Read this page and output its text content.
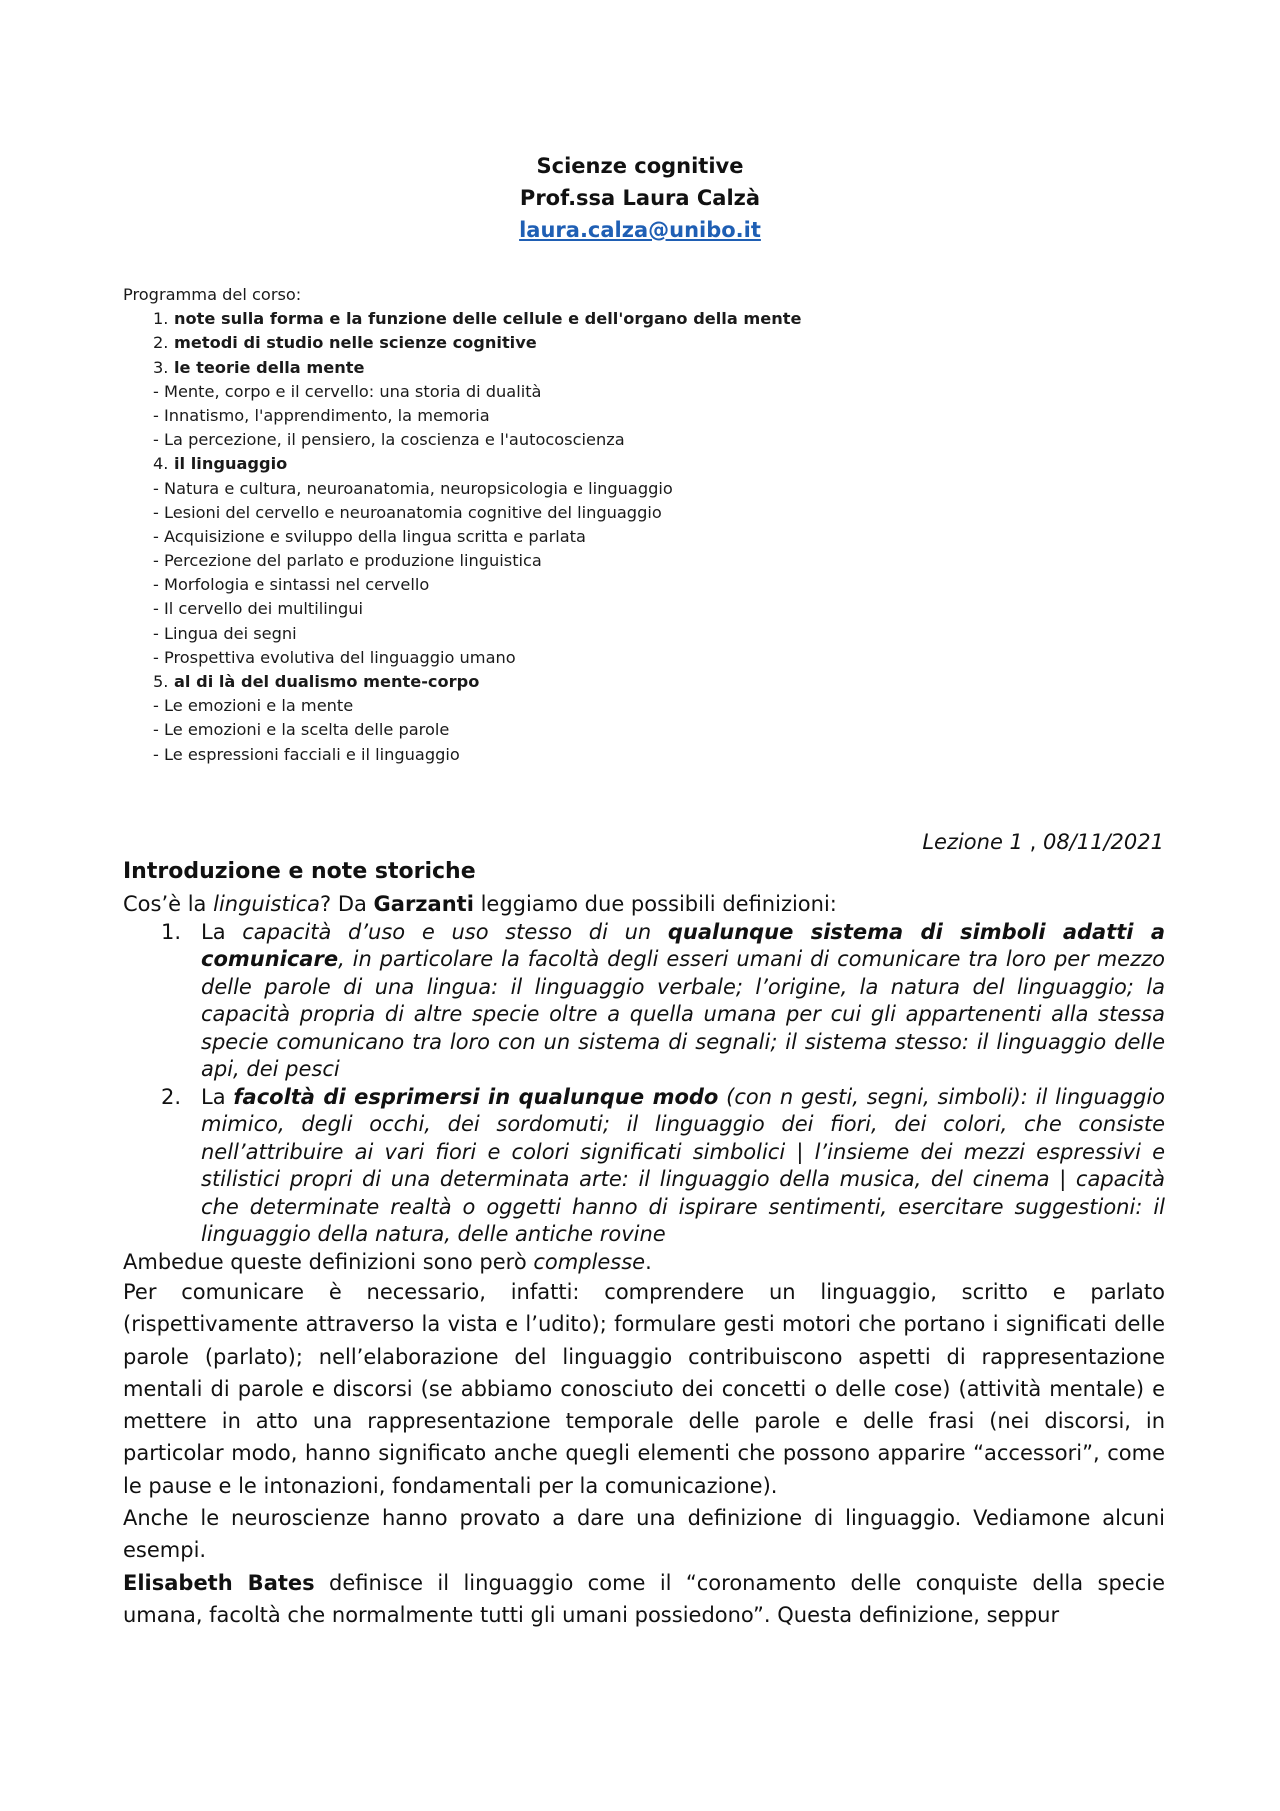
Scienze cognitive
Prof.ssa Laura Calzà
laura.calza@unibo.it
Programma del corso:
1. note sulla forma e la funzione delle cellule e dell'organo della mente
2. metodi di studio nelle scienze cognitive
3. le teorie della mente
- Mente, corpo e il cervello: una storia di dualità
- Innatismo, l'apprendimento, la memoria
- La percezione, il pensiero, la coscienza e l'autocoscienza
4. il linguaggio
- Natura e cultura, neuroanatomia, neuropsicologia e linguaggio
- Lesioni del cervello e neuroanatomia cognitive del linguaggio
- Acquisizione e sviluppo della lingua scritta e parlata
- Percezione del parlato e produzione linguistica
- Morfologia e sintassi nel cervello
- Il cervello dei multilingui
- Lingua dei segni
- Prospettiva evolutiva del linguaggio umano
5. al di là del dualismo mente-corpo
- Le emozioni e la mente
- Le emozioni e la scelta delle parole
- Le espressioni facciali e il linguaggio
Lezione 1 , 08/11/2021
Introduzione e note storiche
Cos’è la linguistica? Da Garzanti leggiamo due possibili definizioni:
1. La capacità d’uso e uso stesso di un qualunque sistema di simboli adatti a comunicare, in particolare la facoltà degli esseri umani di comunicare tra loro per mezzo delle parole di una lingua: il linguaggio verbale; l’origine, la natura del linguaggio; la capacità propria di altre specie oltre a quella umana per cui gli appartenenti alla stessa specie comunicano tra loro con un sistema di segnali; il sistema stesso: il linguaggio delle api, dei pesci
2. La facoltà di esprimersi in qualunque modo (con n gesti, segni, simboli): il linguaggio mimico, degli occhi, dei sordomuti; il linguaggio dei fiori, dei colori, che consiste nell’attribuire ai vari fiori e colori significati simbolici | l’insieme dei mezzi espressivi e stilistici propri di una determinata arte: il linguaggio della musica, del cinema | capacità che determinate realtà o oggetti hanno di ispirare sentimenti, esercitare suggestioni: il linguaggio della natura, delle antiche rovine
Ambedue queste definizioni sono però complesse.
Per comunicare è necessario, infatti: comprendere un linguaggio, scritto e parlato (rispettivamente attraverso la vista e l’udito); formulare gesti motori che portano i significati delle parole (parlato); nell’elaborazione del linguaggio contribuiscono aspetti di rappresentazione mentali di parole e discorsi (se abbiamo conosciuto dei concetti o delle cose) (attività mentale) e mettere in atto una rappresentazione temporale delle parole e delle frasi (nei discorsi, in particolar modo, hanno significato anche quegli elementi che possono apparire “accessori”, come le pause e le intonazioni, fondamentali per la comunicazione).
Anche le neuroscienze hanno provato a dare una definizione di linguaggio. Vediamone alcuni esempi.
Elisabeth Bates definisce il linguaggio come il “coronamento delle conquiste della specie umana, facoltà che normalmente tutti gli umani possiedono”. Questa definizione, seppur
